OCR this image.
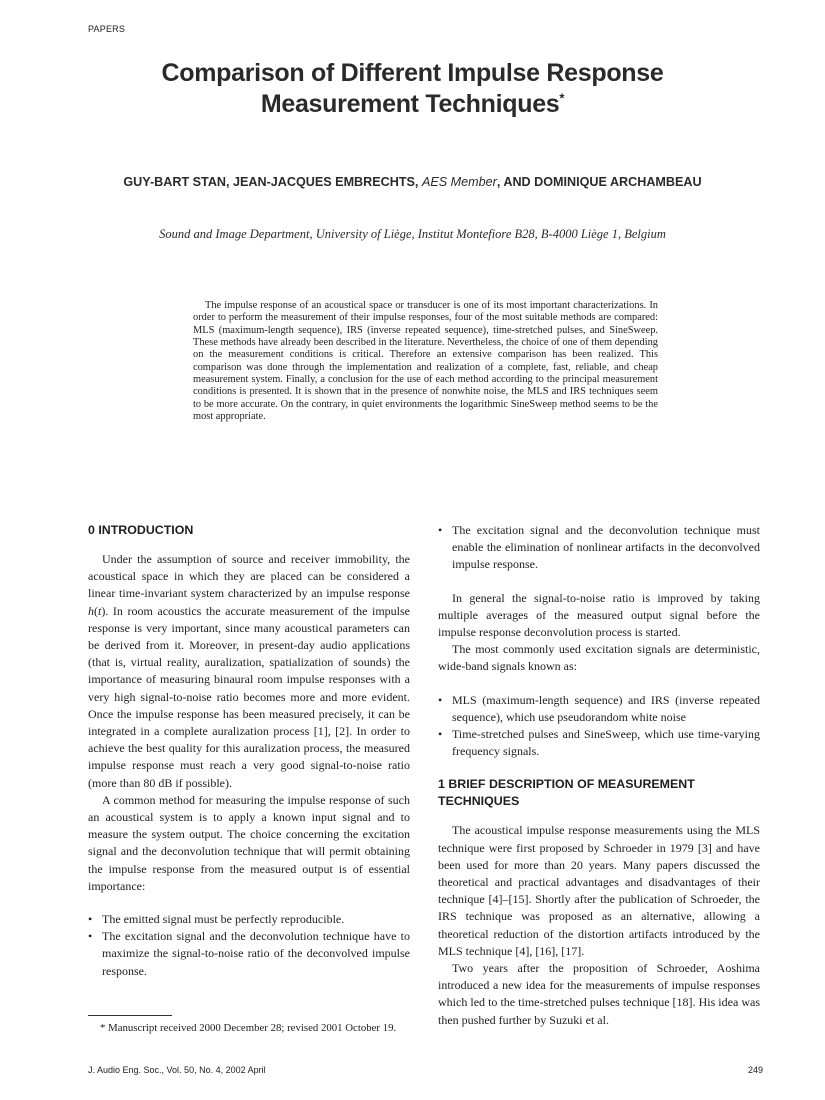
PAPERS
Comparison of Different Impulse Response
Measurement Techniques*
GUY-BART STAN, JEAN-JACQUES EMBRECHTS, AES Member, AND DOMINIQUE ARCHAMBEAU
Sound and Image Department, University of Liège, Institut Montefiore B28, B-4000 Liège 1, Belgium

The impulse response of an acoustical space or transducer is one of its most important characterizations. In order to perform the measurement of their impulse responses, four of the most suitable methods are compared: MLS (maximum-length sequence), IRS (inverse repeated sequence), time-stretched pulses, and SineSweep. These methods have already been described in the literature. Nevertheless, the choice of one of them depending on the measurement conditions is critical. Therefore an extensive comparison has been realized. This comparison was done through the implementation and realization of a complete, fast, reliable, and cheap measurement system. Finally, a conclusion for the use of each method according to the principal measurement conditions is presented. It is shown that in the presence of nonwhite noise, the MLS and IRS techniques seem to be more accurate. On the contrary, in quiet environments the logarithmic SineSweep method seems to be the most appropriate.

0 INTRODUCTION

Under the assumption of source and receiver immobility, the acoustical space in which they are placed can be considered a linear time-invariant system characterized by an impulse response h(t). In room acoustics the accurate measurement of the impulse response is very important, since many acoustical parameters can be derived from it. Moreover, in present-day audio applications (that is, virtual reality, auralization, spatialization of sounds) the importance of measuring binaural room impulse responses with a very high signal-to-noise ratio becomes more and more evident. Once the impulse response has been measured precisely, it can be integrated in a complete auralization process [1], [2]. In order to achieve the best quality for this auralization process, the measured impulse response must reach a very good signal-to-noise ratio (more than 80 dB if possible).

A common method for measuring the impulse response of such an acoustical system is to apply a known input signal and to measure the system output. The choice concerning the excitation signal and the deconvolution technique that will permit obtaining the impulse response from the measured output is of essential importance:

• The emitted signal must be perfectly reproducible.
• The excitation signal and the deconvolution technique have to maximize the signal-to-noise ratio of the deconvolved impulse response.
• The excitation signal and the deconvolution technique must enable the elimination of nonlinear artifacts in the deconvolved impulse response.

In general the signal-to-noise ratio is improved by taking multiple averages of the measured output signal before the impulse response deconvolution process is started.

The most commonly used excitation signals are deterministic, wide-band signals known as:

• MLS (maximum-length sequence) and IRS (inverse repeated sequence), which use pseudorandom white noise
• Time-stretched pulses and SineSweep, which use time-varying frequency signals.
1 BRIEF DESCRIPTION OF MEASUREMENT TECHNIQUES

The acoustical impulse response measurements using the MLS technique were first proposed by Schroeder in 1979 [3] and have been used for more than 20 years. Many papers discussed the theoretical and practical advantages and disadvantages of their technique [4]–[15]. Shortly after the publication of Schroeder, the IRS technique was proposed as an alternative, allowing a theoretical reduction of the distortion artifacts introduced by the MLS technique [4], [16], [17].

Two years after the proposition of Schroeder, Aoshima introduced a new idea for the measurements of impulse responses which led to the time-stretched pulses technique [18]. His idea was then pushed further by Suzuki et al.

* Manuscript received 2000 December 28; revised 2001 October 19.

J. Audio Eng. Soc., Vol. 50, No. 4, 2002 April	249
